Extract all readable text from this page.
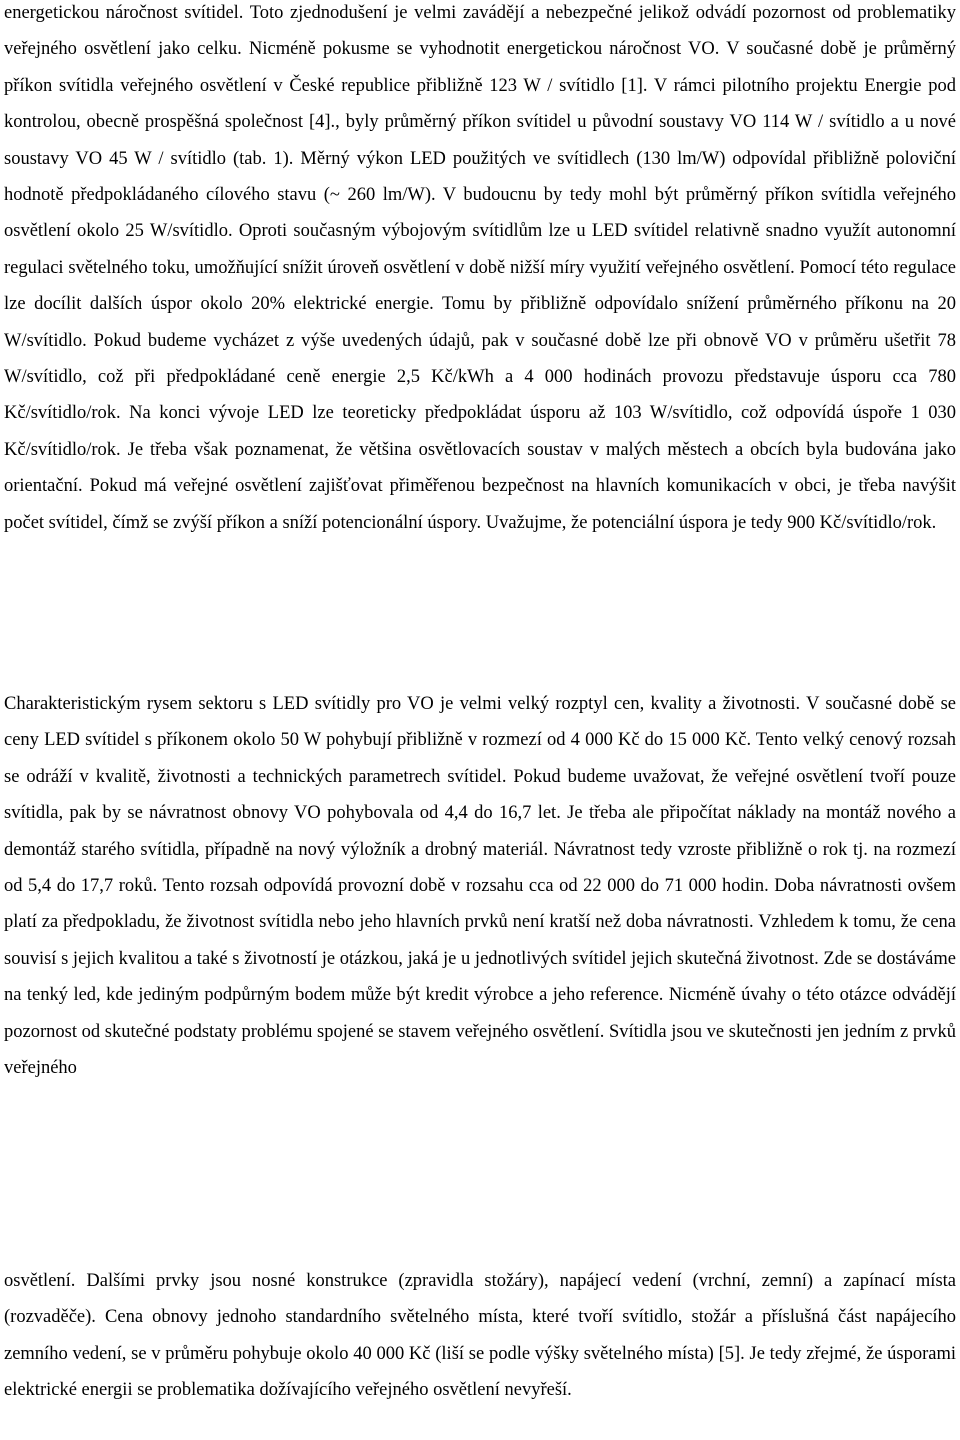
energetickou náročnost svítidel. Toto zjednodušení je velmi zavádějí a nebezpečné jelikož odvádí pozornost od problematiky veřejného osvětlení jako celku. Nicméně pokusme se vyhodnotit energetickou náročnost VO. V současné době je průměrný příkon svítidla veřejného osvětlení v České republice přibližně 123 W / svítidlo [1]. V rámci pilotního projektu Energie pod kontrolou, obecně prospěšná společnost [4]., byly průměrný příkon svítidel u původní soustavy VO 114 W / svítidlo a u nové soustavy VO 45 W / svítidlo (tab. 1). Měrný výkon LED použitých ve svítidlech (130 lm/W) odpovídal přibližně poloviční hodnotě předpokládaného cílového stavu (~ 260 lm/W). V budoucnu by tedy mohl být průměrný příkon svítidla veřejného osvětlení okolo 25 W/svítidlo. Oproti současným výbojovým svítidlům lze u LED svítidel relativně snadno využít autonomní regulaci světelného toku, umožňující snížit úroveň osvětlení v době nižší míry využití veřejného osvětlení. Pomocí této regulace lze docílit dalších úspor okolo 20% elektrické energie. Tomu by přibližně odpovídalo snížení průměrného příkonu na 20 W/svítidlo. Pokud budeme vycházet z výše uvedených údajů, pak v současné době lze při obnově VO v průměru ušetřit 78 W/svítidlo, což při předpokládané ceně energie 2,5 Kč/kWh a 4 000 hodinách provozu představuje úsporu cca 780 Kč/svítidlo/rok. Na konci vývoje LED lze teoreticky předpokládat úsporu až 103 W/svítidlo, což odpovídá úspoře 1 030 Kč/svítidlo/rok. Je třeba však poznamenat, že většina osvětlovacích soustav v malých městech a obcích byla budována jako orientační. Pokud má veřejné osvětlení zajišťovat přiměřenou bezpečnost na hlavních komunikacích v obci, je třeba navýšit počet svítidel, čímž se zvýší příkon a sníží potencionální úspory. Uvažujme, že potenciální úspora je tedy 900 Kč/svítidlo/rok.

Charakteristickým rysem sektoru s LED svítidly pro VO je velmi velký rozptyl cen, kvality a životnosti. V současné době se ceny LED svítidel s příkonem okolo 50 W pohybují přibližně v rozmezí od 4 000 Kč do 15 000 Kč. Tento velký cenový rozsah se odráží v kvalitě, životnosti a technických parametrech svítidel. Pokud budeme uvažovat, že veřejné osvětlení tvoří pouze svítidla, pak by se návratnost obnovy VO pohybovala od 4,4 do 16,7 let. Je třeba ale připočítat náklady na montáž nového a demontáž starého svítidla, případně na nový výložník a drobný materiál. Návratnost tedy vzroste přibližně o rok tj. na rozmezí od 5,4 do 17,7 roků. Tento rozsah odpovídá provozní době v rozsahu cca od 22 000 do 71 000 hodin. Doba návratnosti ovšem platí za předpokladu, že životnost svítidla nebo jeho hlavních prvků není kratší než doba návratnosti. Vzhledem k tomu, že cena souvisí s jejich kvalitou a také s životností je otázkou, jaká je u jednotlivých svítidel jejich skutečná životnost. Zde se dostáváme na tenký led, kde jediným podpůrným bodem může být kredit výrobce a jeho reference. Nicméně úvahy o této otázce odvádějí pozornost od skutečné podstaty problému spojené se stavem veřejného osvětlení. Svítidla jsou ve skutečnosti jen jedním z prvků veřejného

osvětlení. Dalšími prvky jsou nosné konstrukce (zpravidla stožáry), napájecí vedení (vrchní, zemní) a zapínací místa (rozvaděče). Cena obnovy jednoho standardního světelného místa, které tvoří svítidlo, stožár a příslušná část napájecího zemního vedení, se v průměru pohybuje okolo 40 000 Kč (liší se podle výšky světelného místa) [5]. Je tedy zřejmé, že úsporami elektrické energii se problematika dožívajícího veřejného osvětlení nevyřeší.
